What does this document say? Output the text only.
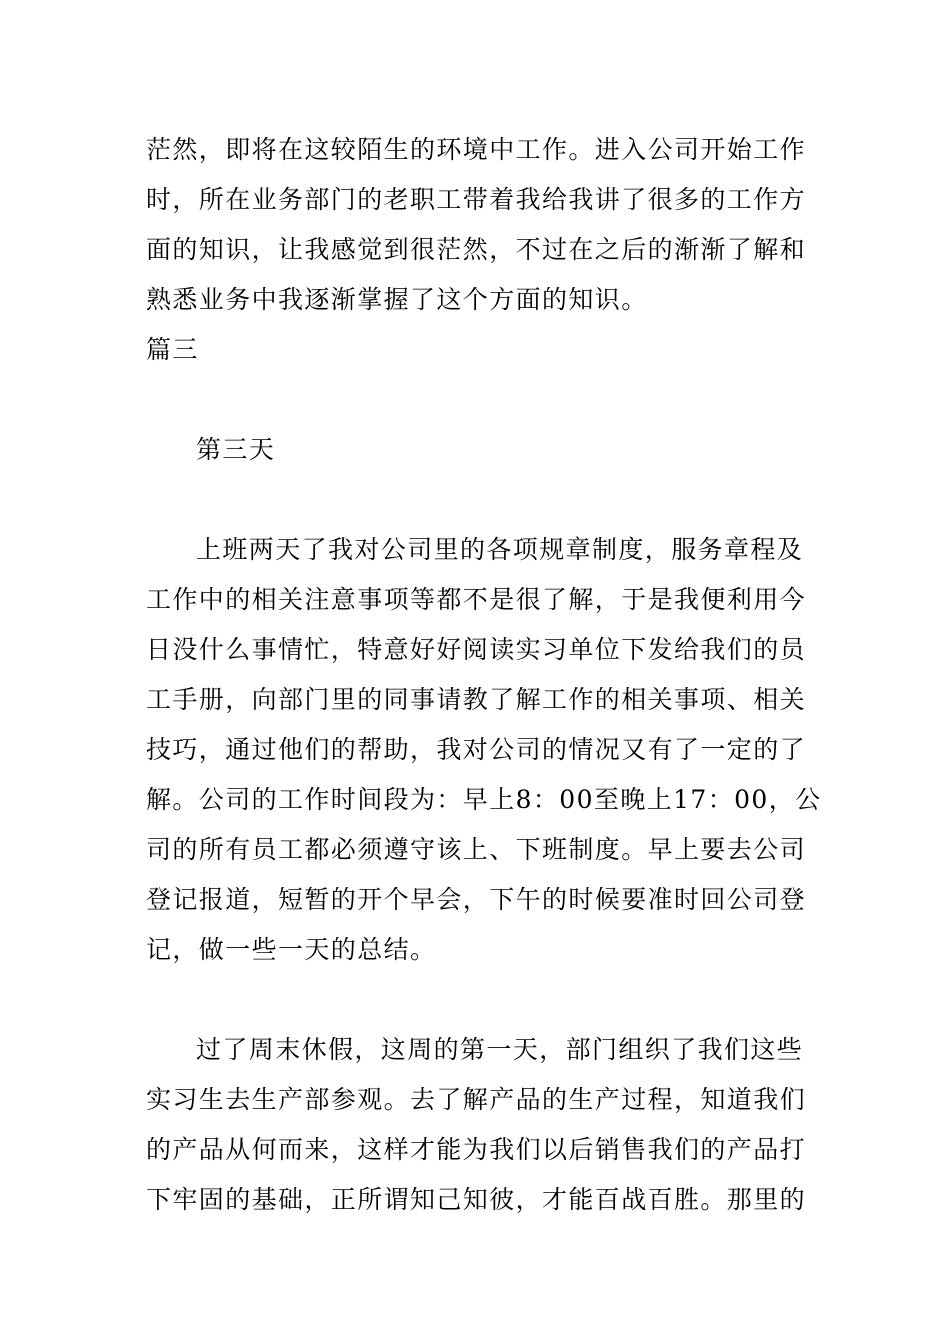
茫然，即将在这较陌生的环境中工作。进入公司开始工作
时，所在业务部门的老职工带着我给我讲了很多的工作方
面的知识，让我感觉到很茫然，不过在之后的渐渐了解和
熟悉业务中我逐渐掌握了这个方面的知识。
篇三
第三天
上班两天了我对公司里的各项规章制度，服务章程及
工作中的相关注意事项等都不是很了解，于是我便利用今
日没什么事情忙，特意好好阅读实习单位下发给我们的员
工手册，向部门里的同事请教了解工作的相关事项、相关
技巧，通过他们的帮助，我对公司的情况又有了一定的了
解。公司的工作时间段为：早上8：00至晚上17：00，公
司的所有员工都必须遵守该上、下班制度。早上要去公司
登记报道，短暂的开个早会，下午的时候要准时回公司登
记，做一些一天的总结。
过了周末休假，这周的第一天，部门组织了我们这些
实习生去生产部参观。去了解产品的生产过程，知道我们
的产品从何而来，这样才能为我们以后销售我们的产品打
下牢固的基础，正所谓知己知彼，才能百战百胜。那里的
